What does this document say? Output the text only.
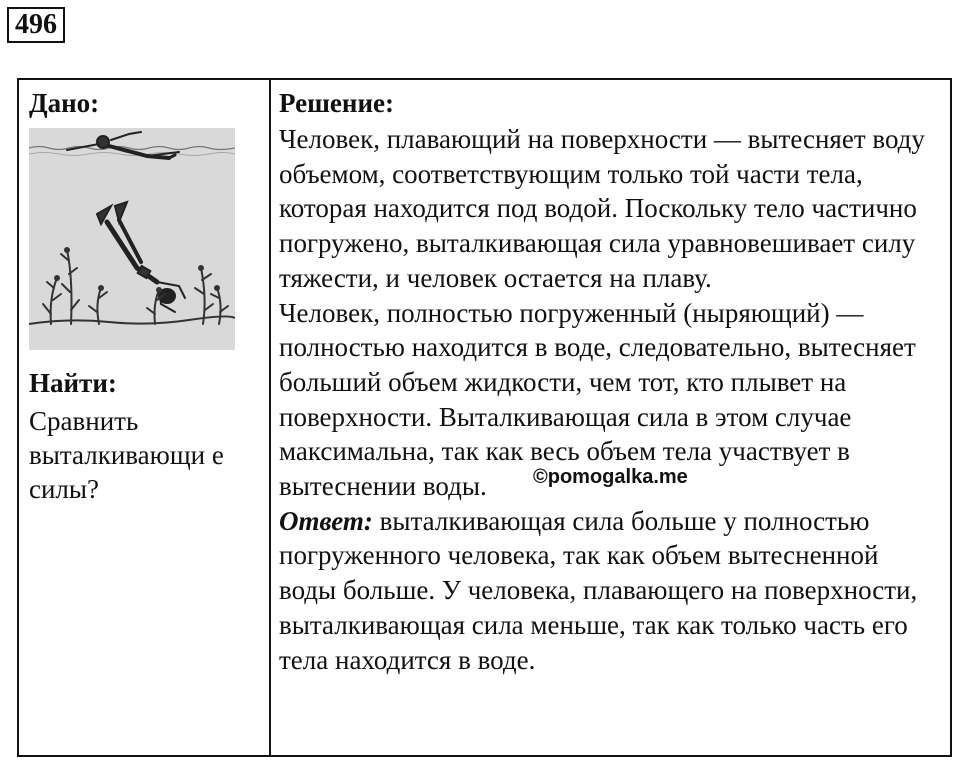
496
Дано:
Найти:
Сравнить выталкивающи е силы?

Решение:

Человек, плавающий на поверхности — вытесняет воду объемом, соответствующим только той части тела, которая находится под водой. Поскольку тело частично погружено, выталкивающая сила уравновешивает силу тяжести, и человек остается на плаву.

Человек, полностью погруженный (ныряющий) — полностью находится в воде, следовательно, вытесняет больший объем жидкости, чем тот, кто плывет на поверхности. Выталкивающая сила в этом случае максимальна, так как весь объем тела участвует в вытеснении воды.

Ответ: выталкивающая сила больше у полностью погруженного человека, так как объем вытесненной воды больше. У человека, плавающего на поверхности, выталкивающая сила меньше, так как только часть его тела находится в воде.

©pomogalka.me
